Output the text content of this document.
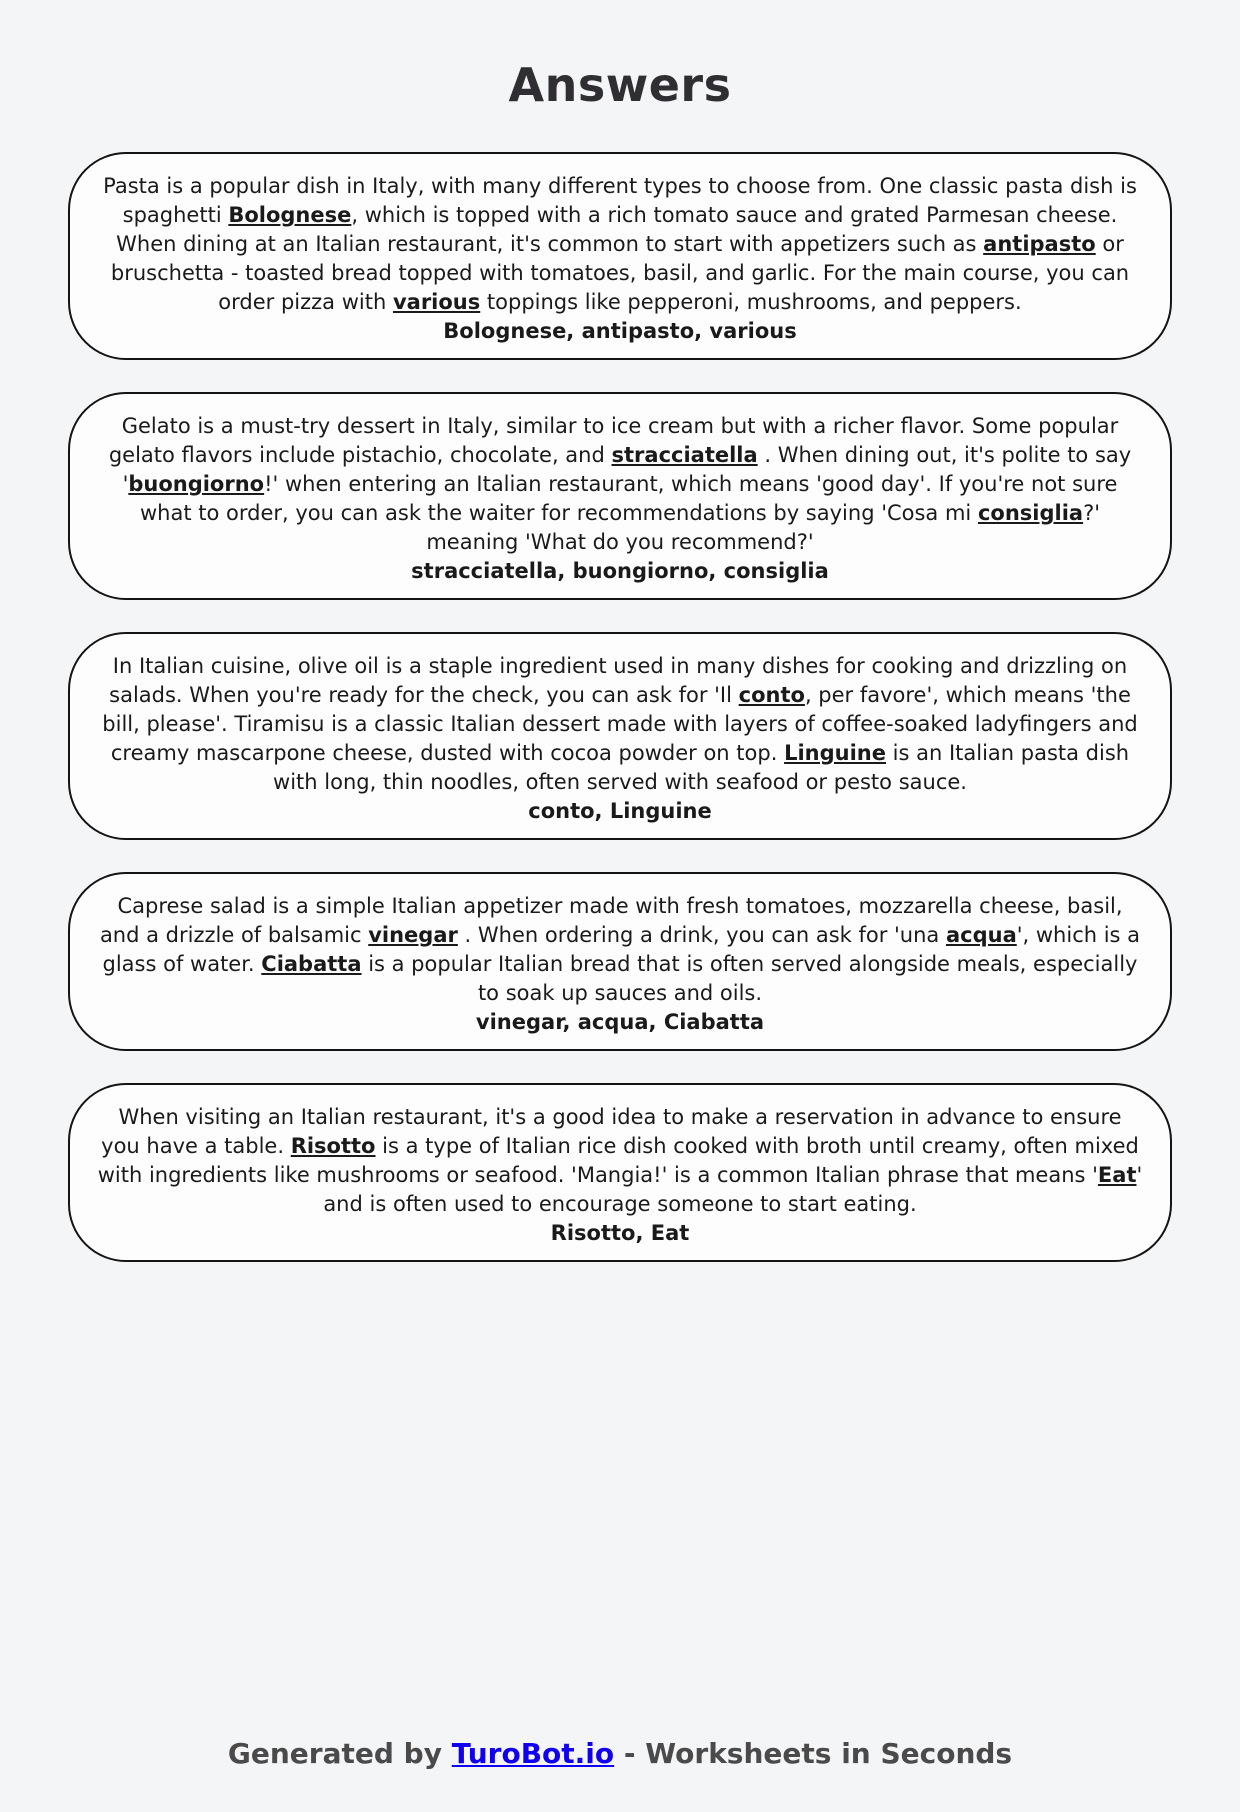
Answers

Pasta is a popular dish in Italy, with many different types to choose from. One classic pasta dish is spaghetti Bolognese, which is topped with a rich tomato sauce and grated Parmesan cheese. When dining at an Italian restaurant, it's common to start with appetizers such as antipasto or bruschetta - toasted bread topped with tomatoes, basil, and garlic. For the main course, you can order pizza with various toppings like pepperoni, mushrooms, and peppers.

Bolognese, antipasto, various

Gelato is a must-try dessert in Italy, similar to ice cream but with a richer flavor. Some popular gelato flavors include pistachio, chocolate, and stracciatella . When dining out, it's polite to say 'buongiorno!' when entering an Italian restaurant, which means 'good day'. If you're not sure what to order, you can ask the waiter for recommendations by saying 'Cosa mi consiglia?' meaning 'What do you recommend?'

stracciatella, buongiorno, consiglia

In Italian cuisine, olive oil is a staple ingredient used in many dishes for cooking and drizzling on salads. When you're ready for the check, you can ask for 'Il conto, per favore', which means 'the bill, please'. Tiramisu is a classic Italian dessert made with layers of coffee-soaked ladyfingers and creamy mascarpone cheese, dusted with cocoa powder on top. Linguine is an Italian pasta dish with long, thin noodles, often served with seafood or pesto sauce.

conto, Linguine

Caprese salad is a simple Italian appetizer made with fresh tomatoes, mozzarella cheese, basil, and a drizzle of balsamic vinegar . When ordering a drink, you can ask for 'una acqua', which is a glass of water. Ciabatta is a popular Italian bread that is often served alongside meals, especially to soak up sauces and oils.

vinegar, acqua, Ciabatta

When visiting an Italian restaurant, it's a good idea to make a reservation in advance to ensure you have a table. Risotto is a type of Italian rice dish cooked with broth until creamy, often mixed with ingredients like mushrooms or seafood. 'Mangia!' is a common Italian phrase that means 'Eat' and is often used to encourage someone to start eating.

Risotto, Eat

Generated by TuroBot.io - Worksheets in Seconds
